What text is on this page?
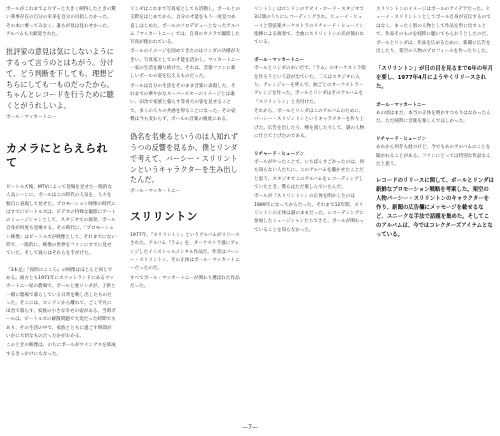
ボールがこれまでよりずっと大きく納得したときの驚い我事存在の自分の未来を自分の目指したかった。その本に乗ってみなく、誰もが見は見わせかった。アルバムも大歓迎された。

批評家の意見は気にしないようにするって言うのとはちがう。分けて、どう判断を下しても、理想どちらにしても一ものだったから。ちゃんとレコードを行うために聴くとがうれしいよ。

ポール・マッカートニー

カメラにとらえられて

ビートルズ後、MTVによって登場を見せた一般的な人気シーンに、ポールはこの時代の人気を、人々を独自に表現して見せた。プロモーション映像の時代にはすでにビートルズは、ビデオの特殊な撮影にアートのミュージシャンとして、スタジオでの演奏、ポール自身が何度も登場する。その時代に、「プロモーション映像」はビートルズが映像として、それまでにない形で、一般的に、映像の世界をファンにすでに見せていた。そして彼らはそれらを手がけた。

『3本足』『夜明のこころ』の映像はほとんど同じである。両方とも1971年にスコットランドにあるマッカートニー家の農場で、ポールと妻リンダが、子供と一緒に農場で暮らしている日常を映し出したものだった。そこには、ロンドンから離れて、ごく平凡に田舎で暮らす、家族の小さな幸せの姿がある。当時ポールは、ビートルズの解散問題で大変だった時期でもあり、その生活の中で、家族とともに過ごす時間がいかに大切なものだったかがわかる。

このときの映像は、のちにポールがウイングスを結成するきっかけにもなった。

リンダはこれまで写真家としても活動し、ボールとの交際をはじめてから、自分の才能をもう一度見つめ直しはじめた。ボールのソロデビューとなったアルバム『マッカートニー』では、自身のカメラで撮影した写真が使われている。

ポールのイメージを固めてきたのはリンダの功績が大きい。写真家としての才能を活かし、マッカートニー一家の生活を撮り続けた。それは、音楽ファンに新しいポールの姿を伝えるものだった。

ボールは自分の生活をそのまま音楽に表現した。それまでの華やかなスーパースターのイメージとは違い、田舎で家族と暮らす等身大の姿を見せることで、多くの人々の共感を得ることになった。その姿勢は今も変わらず、ポールの音楽の根底にある。

偽名を名乗るというのは人知れずうつの反響を見るか、僕とリンダで考えて、バーシー・スリリントンというキャラクターを生み出したんだ。

ポール・マッカートニー

スリリントン

1977年、『スリリントン』というアルバムがリリースされた。アルバム『ラム』を、オーケストラ風にアレンジしたインストゥルメンタル作品だ。作者はパーシー・スリリントン。その正体はポール・マッカートニーだったのだ。

すべてポール・マッカートニーが関わり選ばれた作品だった。

リントン』はロンドンのアビイ・ロード・スタジオで3日間のうちにレコーディングされ、ヒューイ・ヒューイと管弦楽オーケストラのリチャード・ヒューソン指揮による演奏で、全曲にスリリントンの名が使われている。

ポール・マッカートニー

ポールとリンダのあいだで、『ラム』のオーケストラ版を作ろうという話が出ていた。二人はスタジオに入り、アレンジャーを呼んで、曲ごとのオーケストラ・アレンジを作った。ポールとリンダはそのアルバムを『スリリントン』と名付けた。

それから、ポールとリンダはこのアルバムのために、パーシー・スリリントンというキャラクターを作り上げた。広告を出したり、噂を流したりして、謎の人物に仕立て上げたのである。

リチャード・ヒューソン

ポールがやったことで、いちばんすごかったのは、何も知らない人たちに、このアルバムを聴かせたことだと思う。スタジオでこのアルバムをレコーディングしていたとき、僕らはただ楽しんでいたんだ。

ボールが『スリリントン』の正体を明かしたのは1989年になってからだった。それまで12年間、スリリントンの正体は謎のままだった。レコーディングに参加したミュージシャンたちでさえ、ポールが関わっていることを知らなかった。

スリリントンのイメージはポールのアイデアだった。ヒューイ・スリリントンとしてポール自身が宣伝するのではなく、まったく別の人物として作品を世に出すことで、作品そのものを純粋に聴いてもらおうとしたのだ。

ポールとリンダは、作品を広めるために、新聞に広告を出したり、架空の人物のプロフィールを作ったりした。

「スリリントン」が日の目を見るまで6年の年月を要し、1977年4月にようやくリリースされた。

ポール・マッカートニー

あの頃はまだ、本当の正体を明かすつもりはなかったんだ。ただ純粋に音楽を楽しんでほしかった。

リチャード・ヒューソン

あれから何年も経つけど、今でもあのアルバムのことを聞かれることがある。ファンにとっては特別な作品なんだと思う。

レコードのリリースに関して、ボールとリンダは新鮮なプロモーション戦略を考案した。架空の人物パーシー・スリリントンのキャラクターを作り、新聞の広告欄にメッセージを載せるなど、ユニークな手法で話題を集めた。そしてこのアルバムは、今ではコレクターズアイテムとなっている。

—7—
